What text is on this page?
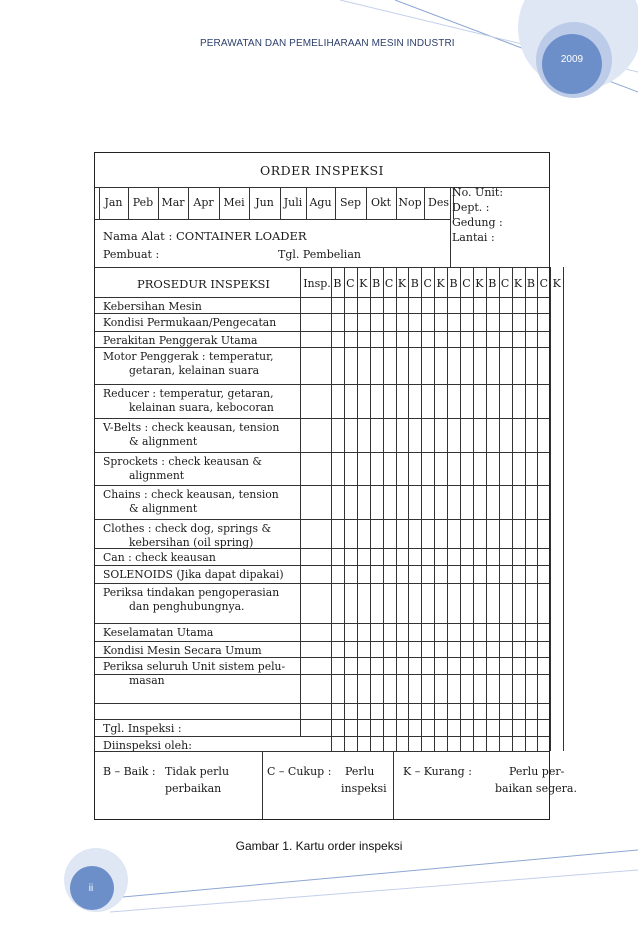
PERAWATAN DAN PEMELIHARAAN MESIN INDUSTRI
2009
ORDER INSPEKSI
Jan Peb Mar Apr Mei Jun Juli Agu Sep Okt Nop Des
No. Unit:
Dept. :
Gedung :
Lantai :
Nama Alat : CONTAINER LOADER
Pembuat :	Tgl. Pembelian
PROSEDUR INSPEKSI	Insp. B C K B C K B C K B C K B C K B C K
Kebersihan Mesin
Kondisi Permukaan/Pengecatan
Perakitan Penggerak Utama
Motor Penggerak : temperatur,
getaran, kelainan suara
Reducer : temperatur, getaran,
kelainan suara, kebocoran
V-Belts : check keausan, tension
& alignment
Sprockets : check keausan &
alignment
Chains : check keausan, tension
& alignment
Clothes : check dog, springs &
kebersihan (oil spring)
Can : check keausan
SOLENOIDS (Jika dapat dipakai)
Periksa tindakan pengoperasian
dan penghubungnya.
Keselamatan Utama
Kondisi Mesin Secara Umum
Periksa seluruh Unit sistem pelu-
masan
Tgl. Inspeksi :
Diinspeksi oleh:
B – Baik : Tidak perlu
perbaikan
C – Cukup : Perlu
inspeksi
K – Kurang :	Perlu per-
baikan segera.
Gambar 1. Kartu order inspeksi
ii
